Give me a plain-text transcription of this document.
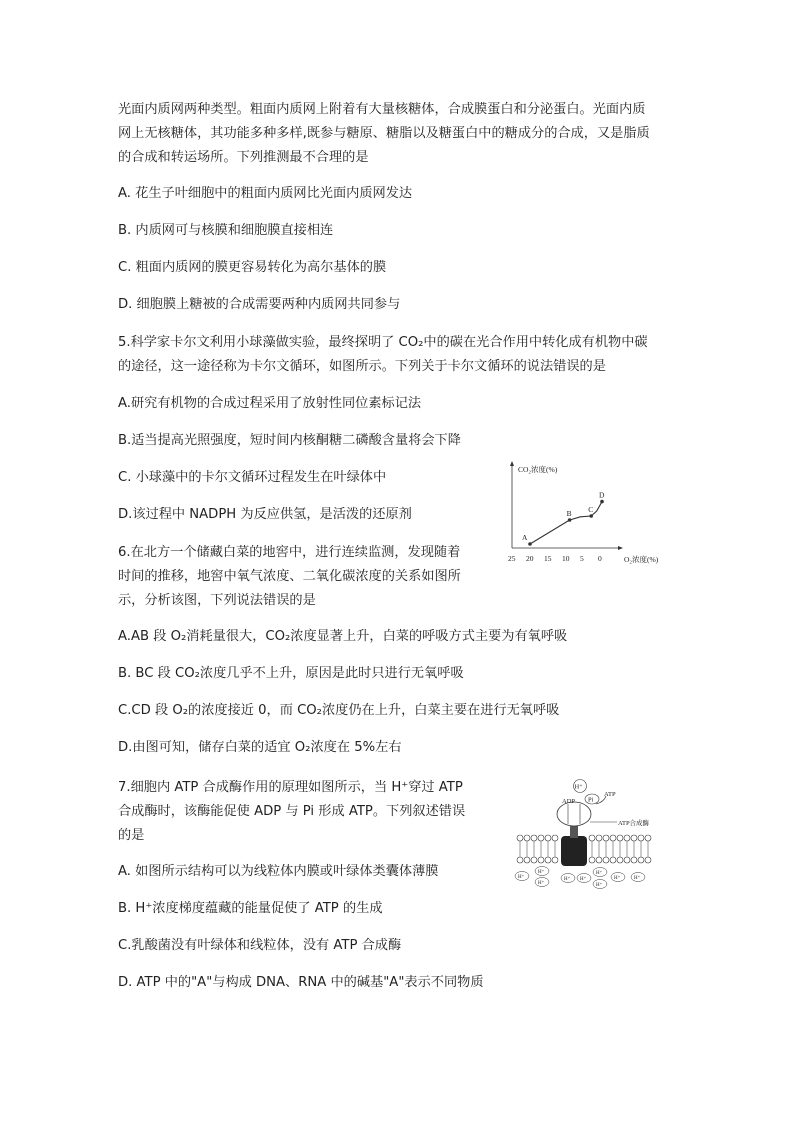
光面内质网两种类型。粗面内质网上附着有大量核糖体，合成膜蛋白和分泌蛋白。光面内质

网上无核糖体，其功能多种多样,既参与糖原、糖脂以及糖蛋白中的糖成分的合成，又是脂质

的合成和转运场所。下列推测最不合理的是

A. 花生子叶细胞中的粗面内质网比光面内质网发达

B. 内质网可与核膜和细胞膜直接相连

C. 粗面内质网的膜更容易转化为高尔基体的膜

D. 细胞膜上糖被的合成需要两种内质网共同参与

5.科学家卡尔文利用小球藻做实验，最终探明了 CO₂中的碳在光合作用中转化成有机物中碳

的途径，这一途径称为卡尔文循环，如图所示。下列关于卡尔文循环的说法错误的是

A.研究有机物的合成过程采用了放射性同位素标记法

B.适当提高光照强度，短时间内核酮糖二磷酸含量将会下降

C. 小球藻中的卡尔文循环过程发生在叶绿体中

D.该过程中 NADPH 为反应供氢，是活泼的还原剂

6.在北方一个储藏白菜的地窖中，进行连续监测，发现随着

时间的推移，地窖中氧气浓度、二氧化碳浓度的关系如图所

示，分析该图，下列说法错误的是

A.AB 段 O₂消耗量很大，CO₂浓度显著上升，白菜的呼吸方式主要为有氧呼吸

B. BC 段 CO₂浓度几乎不上升，原因是此时只进行无氧呼吸

C.CD 段 O₂的浓度接近 0，而 CO₂浓度仍在上升，白菜主要在进行无氧呼吸

D.由图可知，储存白菜的适宜 O₂浓度在 5%左右

7.细胞内 ATP 合成酶作用的原理如图所示，当 H⁺穿过 ATP

合成酶时，该酶能促使 ADP 与 Pi 形成 ATP。下列叙述错误

的是

A. 如图所示结构可以为线粒体内膜或叶绿体类囊体薄膜

B. H⁺浓度梯度蕴藏的能量促使了 ATP 的生成

C.乳酸菌没有叶绿体和线粒体，没有 ATP 合成酶

D. ATP 中的"A"与构成 DNA、RNA 中的碱基"A"表示不同物质

CO₂浓度(%)
O₂浓度(%)
25 20 15 10 5 0
A
B C
D
H⁺
ADP Pi
ATP
ATP合成酶
H⁺
H⁺
H⁺
H⁺ H⁺
H⁺
H⁺
H⁺	H⁺
